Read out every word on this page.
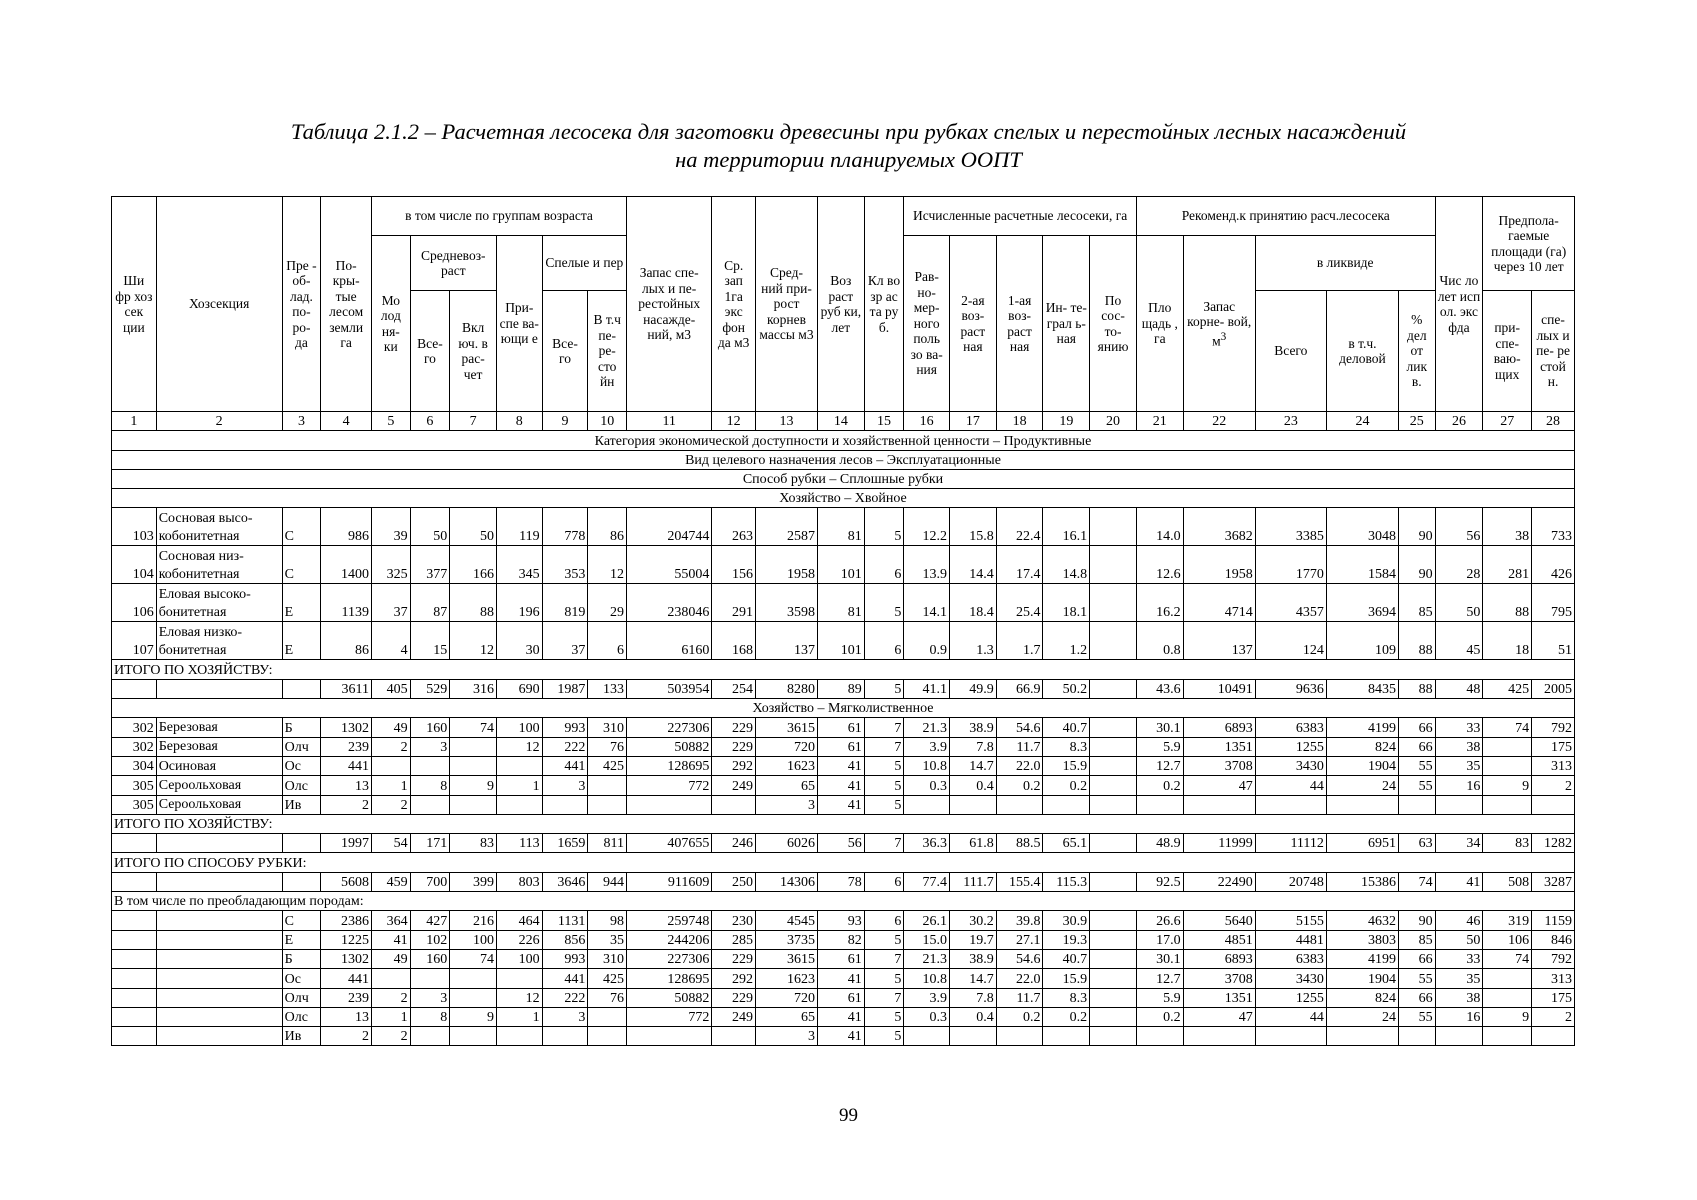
Таблица 2.1.2 – Расчетная лесосека для заготовки древесины при рубках спелых и перестойных лесных насаждений
на территории планируемых ООПТ
Ши фр хоз сек ции	Хозсекция	Пре - об- лад. по- ро- да	По- кры- тые лесом земли га	в том числе по группам возраста						Запас спе- лых и пе- рестойных насажде- ний, м3	Ср. зап 1га экс фон да м3	Сред- ний при- рост корнев массы м3	Воз раст руб ки, лет	Кл во зр ас та ру б.	Исчисленные расчетные лесосеки, га					Рекоменд.к принятию расч.лесосека					Чис ло лет исп ол. экс фда	Предпола- гаемые площади (га) через 10 лет	
				Мо лод ня- ки	Средневоз- раст		При- спе ва- ющи е	Спелые и пер							Рав- но- мер- ного поль зо ва- ния	2-ая воз- раст ная	1-ая воз- раст ная	Ин- те- грал ь- ная	По сос- то- янию	Пло щадь , га	Запас корне- вой, $м^3$	в ликвиде					
					Все- го	Вкл юч. в рас- чет		Все- го	В т.ч пе- ре- сто йн													Всего	в т.ч. деловой	% дел от лик в.		при- спе- ваю- щих	спе- лых и пе- ре стой н.
1	2	3	4	5	6	7	8	9	10	11	12	13	14	15	16	17	18	19	20	21	22	23	24	25	26	27	28
Категория экономической доступности и хозяйственной ценности – Продуктивные																											
Вид целевого назначения лесов – Эксплуатационные																											
Способ рубки – Сплошные рубки																											
Хозяйство – Хвойное																											
103	Сосновая высо- кобонитетная	С	986	39	50	50	119	778	86	204744	263	2587	81	5	12.2	15.8	22.4	16.1		14.0	3682	3385	3048	90	56	38	733
104	Сосновая низ- кобонитетная	С	1400	325	377	166	345	353	12	55004	156	1958	101	6	13.9	14.4	17.4	14.8		12.6	1958	1770	1584	90	28	281	426
106	Еловая высоко- бонитетная	Е	1139	37	87	88	196	819	29	238046	291	3598	81	5	14.1	18.4	25.4	18.1		16.2	4714	4357	3694	85	50	88	795
107	Еловая низко- бонитетная	Е	86	4	15	12	30	37	6	6160	168	137	101	6	0.9	1.3	1.7	1.2		0.8	137	124	109	88	45	18	51
ИТОГО ПО ХОЗЯЙСТВУ:																											
			3611	405	529	316	690	1987	133	503954	254	8280	89	5	41.1	49.9	66.9	50.2		43.6	10491	9636	8435	88	48	425	2005
Хозяйство – Мягколиственное																											
302	Березовая	Б	1302	49	160	74	100	993	310	227306	229	3615	61	7	21.3	38.9	54.6	40.7		30.1	6893	6383	4199	66	33	74	792
302	Березовая	Олч	239	2	3		12	222	76	50882	229	720	61	7	3.9	7.8	11.7	8.3		5.9	1351	1255	824	66	38		175
304	Осиновая	Ос	441					441	425	128695	292	1623	41	5	10.8	14.7	22.0	15.9		12.7	3708	3430	1904	55	35		313
305	Сероольховая	Олс	13	1	8	9	1	3		772	249	65	41	5	0.3	0.4	0.2	0.2		0.2	47	44	24	55	16	9	2
305	Сероольховая	Ив	2	2								3	41	5													
ИТОГО ПО ХОЗЯЙСТВУ:																											
			1997	54	171	83	113	1659	811	407655	246	6026	56	7	36.3	61.8	88.5	65.1		48.9	11999	11112	6951	63	34	83	1282
ИТОГО ПО СПОСОБУ РУБКИ:																											
			5608	459	700	399	803	3646	944	911609	250	14306	78	6	77.4	111.7	155.4	115.3		92.5	22490	20748	15386	74	41	508	3287
В том числе по преобладающим породам:																											
		С	2386	364	427	216	464	1131	98	259748	230	4545	93	6	26.1	30.2	39.8	30.9		26.6	5640	5155	4632	90	46	319	1159
		Е	1225	41	102	100	226	856	35	244206	285	3735	82	5	15.0	19.7	27.1	19.3		17.0	4851	4481	3803	85	50	106	846
		Б	1302	49	160	74	100	993	310	227306	229	3615	61	7	21.3	38.9	54.6	40.7		30.1	6893	6383	4199	66	33	74	792
		Ос	441					441	425	128695	292	1623	41	5	10.8	14.7	22.0	15.9		12.7	3708	3430	1904	55	35		313
		Олч	239	2	3		12	222	76	50882	229	720	61	7	3.9	7.8	11.7	8.3		5.9	1351	1255	824	66	38		175
		Олс	13	1	8	9	1	3		772	249	65	41	5	0.3	0.4	0.2	0.2		0.2	47	44	24	55	16	9	2
		Ив	2	2								3	41	5													
99
